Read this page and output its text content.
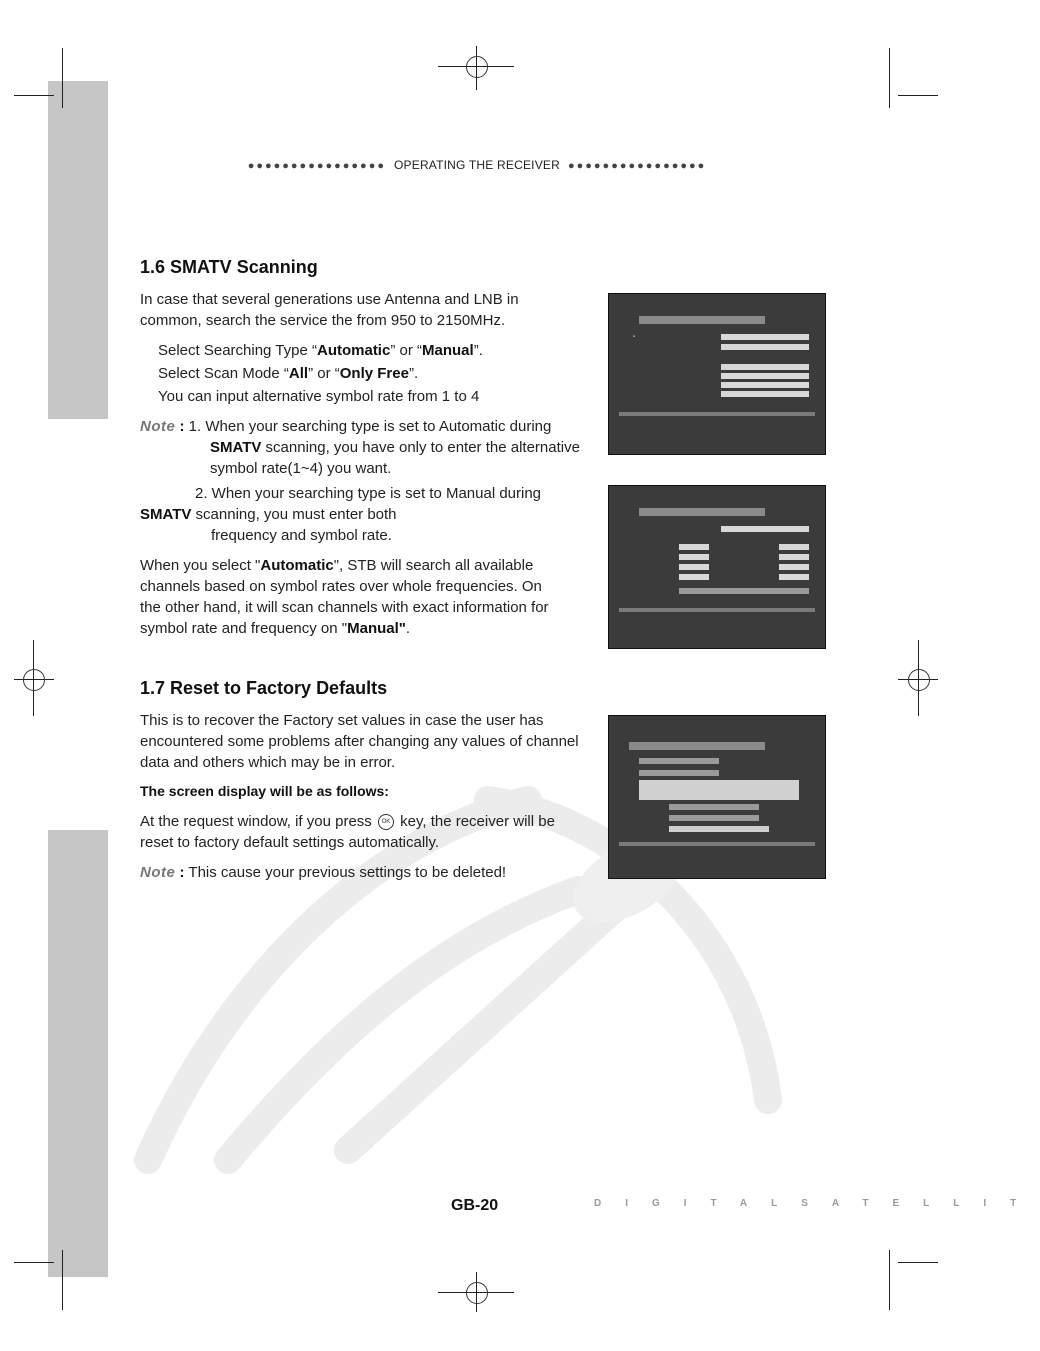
●●●●●●●●●●●●●●●● OPERATING THE RECEIVER ●●●●●●●●●●●●●●●●
1.6 SMATV Scanning
In case that several generations use Antenna and LNB in common, search the service the from 950 to 2150MHz.
Select Searching Type “Automatic” or “Manual”.
Select Scan Mode “All” or “Only Free”.
You can input alternative symbol rate from 1 to 4
Note : 1. When your searching type is set to Automatic during
SMATV scanning, you have only to enter the alternative
symbol rate(1~4) you want.
2. When your searching type is set to Manual during
SMATV scanning, you must enter both
frequency and symbol rate.
When you select "Automatic", STB will search all available channels based on symbol rates over whole frequencies. On the other hand, it will scan channels with exact information for symbol rate and frequency on "Manual".
▪
1.7 Reset to Factory Defaults
This is to recover the Factory set values in case the user has encountered some problems after changing any values of channel data and others which may be in error.
The screen display will be as follows:
At the request window, if you press OK key, the receiver will be reset to factory default settings automatically.
Note : This cause your previous settings to be deleted!
GB-20	DIGITALSATELLIT
